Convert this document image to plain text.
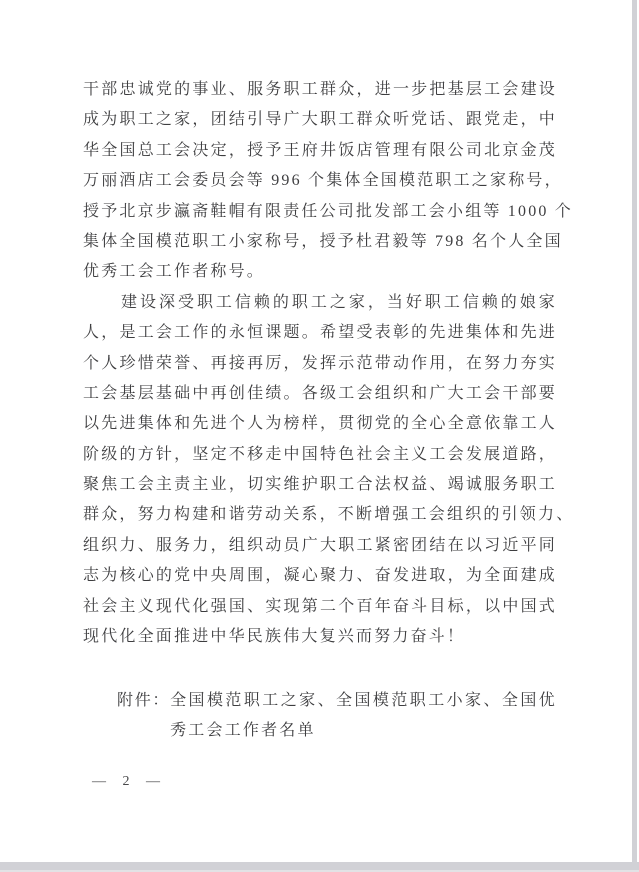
干部忠诚党的事业、服务职工群众，进一步把基层工会建设
成为职工之家，团结引导广大职工群众听党话、跟党走，中
华全国总工会决定，授予王府井饭店管理有限公司北京金茂
万丽酒店工会委员会等 996 个集体全国模范职工之家称号，
授予北京步瀛斋鞋帽有限责任公司批发部工会小组等 1000 个
集体全国模范职工小家称号，授予杜君毅等 798 名个人全国
优秀工会工作者称号。
　　建设深受职工信赖的职工之家，当好职工信赖的娘家
人，是工会工作的永恒课题。希望受表彰的先进集体和先进
个人珍惜荣誉、再接再厉，发挥示范带动作用，在努力夯实
工会基层基础中再创佳绩。各级工会组织和广大工会干部要
以先进集体和先进个人为榜样，贯彻党的全心全意依靠工人
阶级的方针，坚定不移走中国特色社会主义工会发展道路，
聚焦工会主责主业，切实维护职工合法权益、竭诚服务职工
群众，努力构建和谐劳动关系，不断增强工会组织的引领力、
组织力、服务力，组织动员广大职工紧密团结在以习近平同
志为核心的党中央周围，凝心聚力、奋发进取，为全面建成
社会主义现代化强国、实现第二个百年奋斗目标，以中国式
现代化全面推进中华民族伟大复兴而努力奋斗！
附件： 全国模范职工之家、全国模范职工小家、全国优
秀工会工作者名单
— 2 —
